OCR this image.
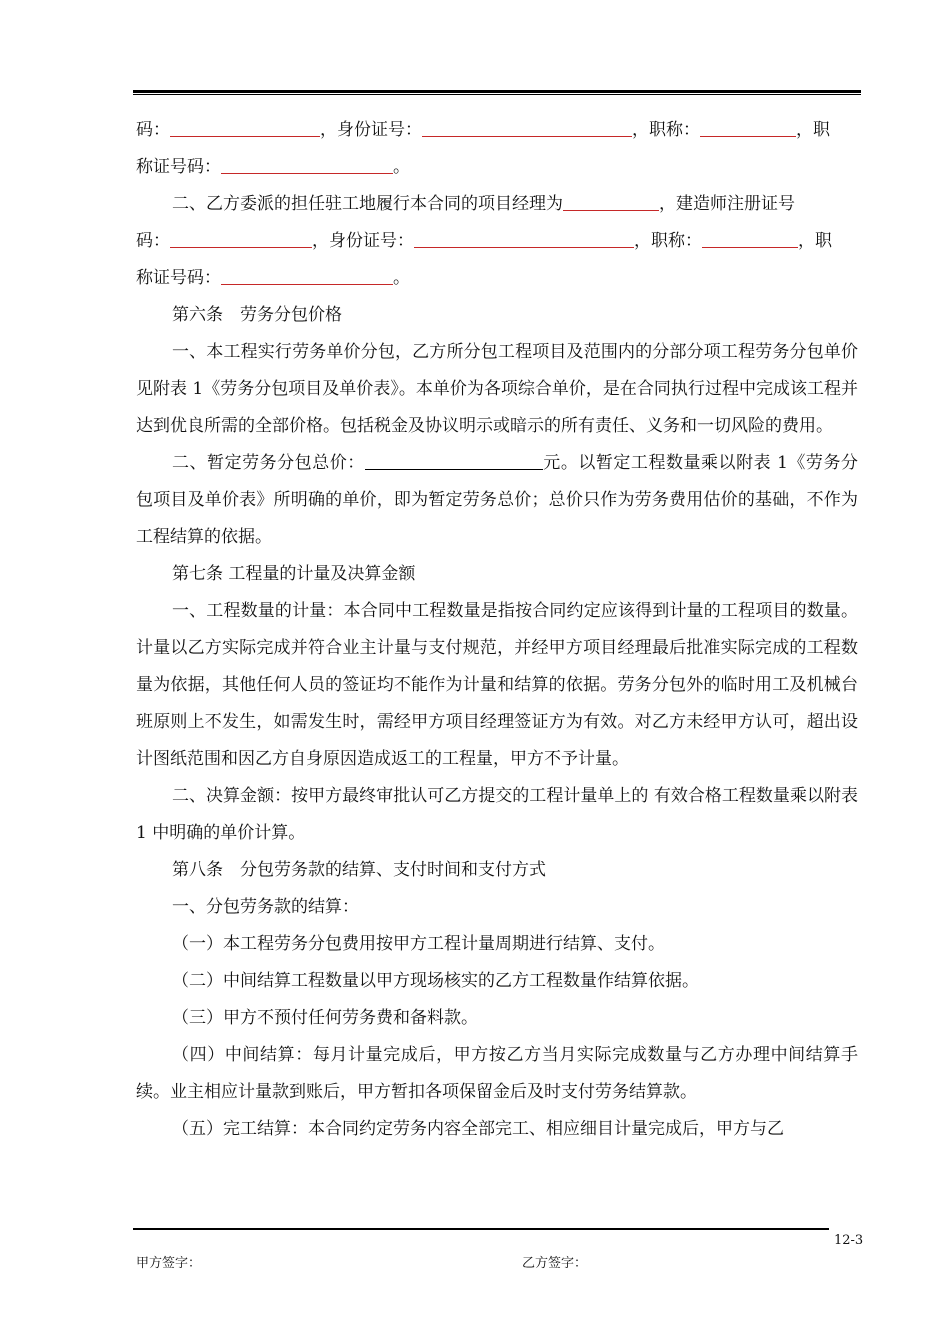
码：	，身份证号：	，职称：	，职

称证号码：	。

二、乙方委派的担任驻工地履行本合同的项目经理为	，建造师注册证号

码：	，身份证号：	，职称：	，职

称证号码：	。

第六条　劳务分包价格

一、本工程实行劳务单价分包，乙方所分包工程项目及范围内的分部分项工程劳务分包单价见附表 1《劳务分包项目及单价表》。本单价为各项综合单价，是在合同执行过程中完成该工程并达到优良所需的全部价格。包括税金及协议明示或暗示的所有责任、义务和一切风险的费用。

二、暂定劳务分包总价：	元。以暂定工程数量乘以附表 1《劳务分包项目及单价表》所明确的单价，即为暂定劳务总价；总价只作为劳务费用估价的基础，不作为工程结算的依据。

第七条 工程量的计量及决算金额

一、工程数量的计量：本合同中工程数量是指按合同约定应该得到计量的工程项目的数量。计量以乙方实际完成并符合业主计量与支付规范，并经甲方项目经理最后批准实际完成的工程数量为依据，其他任何人员的签证均不能作为计量和结算的依据。劳务分包外的临时用工及机械台班原则上不发生，如需发生时，需经甲方项目经理签证方为有效。对乙方未经甲方认可，超出设计图纸范围和因乙方自身原因造成返工的工程量，甲方不予计量。

二、决算金额：按甲方最终审批认可乙方提交的工程计量单上的 有效合格工程数量乘以附表 1 中明确的单价计算。

第八条　分包劳务款的结算、支付时间和支付方式

一、分包劳务款的结算：

（一）本工程劳务分包费用按甲方工程计量周期进行结算、支付。

（二）中间结算工程数量以甲方现场核实的乙方工程数量作结算依据。

（三）甲方不预付任何劳务费和备料款。

（四）中间结算：每月计量完成后，甲方按乙方当月实际完成数量与乙方办理中间结算手续。业主相应计量款到账后，甲方暂扣各项保留金后及时支付劳务结算款。

（五）完工结算：本合同约定劳务内容全部完工、相应细目计量完成后，甲方与乙

12-3
甲方签字：	乙方签字：
